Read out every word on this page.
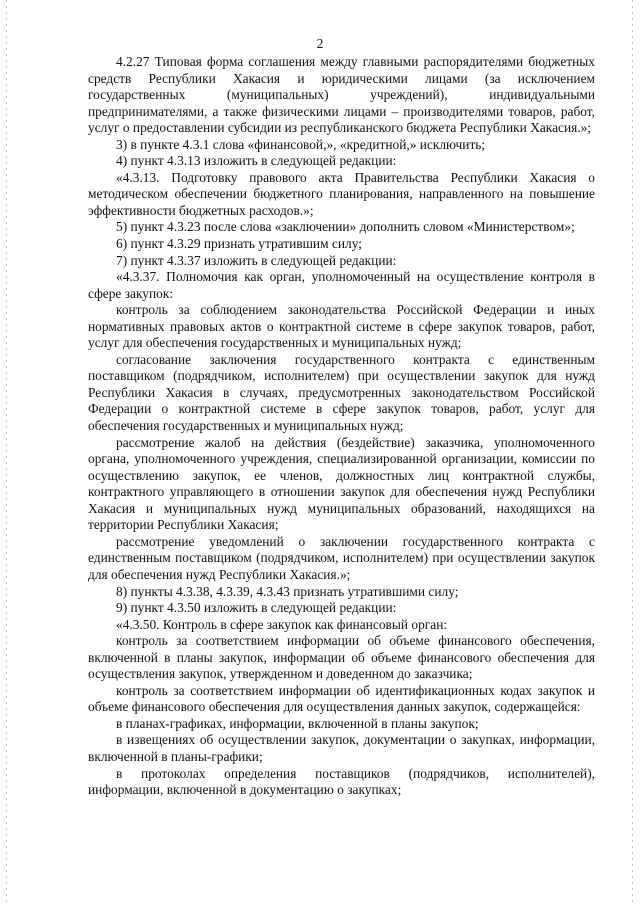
2

4.2.27 Типовая форма соглашения между главными распорядителями бюджетных средств Республики Хакасия и юридическими лицами (за исключением государственных (муниципальных) учреждений), индивидуальными предпринимателями, а также физическими лицами – производителями товаров, работ, услуг о предоставлении субсидии из республиканского бюджета Республики Хакасия.»;

3) в пункте 4.3.1 слова «финансовой,», «кредитной,» исключить;

4) пункт 4.3.13 изложить в следующей редакции:

«4.3.13. Подготовку правового акта Правительства Республики Хакасия о методическом обеспечении бюджетного планирования, направленного на повышение эффективности бюджетных расходов.»;

5) пункт 4.3.23 после слова «заключении» дополнить словом «Министерством»;

6) пункт 4.3.29 признать утратившим силу;

7) пункт 4.3.37 изложить в следующей редакции:

«4.3.37. Полномочия как орган, уполномоченный на осуществление контроля в сфере закупок:

контроль за соблюдением законодательства Российской Федерации и иных нормативных правовых актов о контрактной системе в сфере закупок товаров, работ, услуг для обеспечения государственных и муниципальных нужд;

согласование заключения государственного контракта с единственным поставщиком (подрядчиком, исполнителем) при осуществлении закупок для нужд Республики Хакасия в случаях, предусмотренных законодательством Российской Федерации о контрактной системе в сфере закупок товаров, работ, услуг для обеспечения государственных и муниципальных нужд;

рассмотрение жалоб на действия (бездействие) заказчика, уполномоченного органа, уполномоченного учреждения, специализированной организации, комиссии по осуществлению закупок, ее членов, должностных лиц контрактной службы, контрактного управляющего в отношении закупок для обеспечения нужд Республики Хакасия и муниципальных нужд муниципальных образований, находящихся на территории Республики Хакасия;

рассмотрение уведомлений о заключении государственного контракта с единственным поставщиком (подрядчиком, исполнителем) при осуществлении закупок для обеспечения нужд Республики Хакасия.»;

8) пункты 4.3.38, 4.3.39, 4.3.43 признать утратившими силу;

9) пункт 4.3.50 изложить в следующей редакции:

«4.3.50. Контроль в сфере закупок как финансовый орган:

контроль за соответствием информации об объеме финансового обеспечения, включенной в планы закупок, информации об объеме финансового обеспечения для осуществления закупок, утвержденном и доведенном до заказчика;

контроль за соответствием информации об идентификационных кодах закупок и объеме финансового обеспечения для осуществления данных закупок, содержащейся:

в планах-графиках, информации, включенной в планы закупок;

в извещениях об осуществлении закупок, документации о закупках, информации, включенной в планы-графики;

в протоколах определения поставщиков (подрядчиков, исполнителей), информации, включенной в документацию о закупках;
